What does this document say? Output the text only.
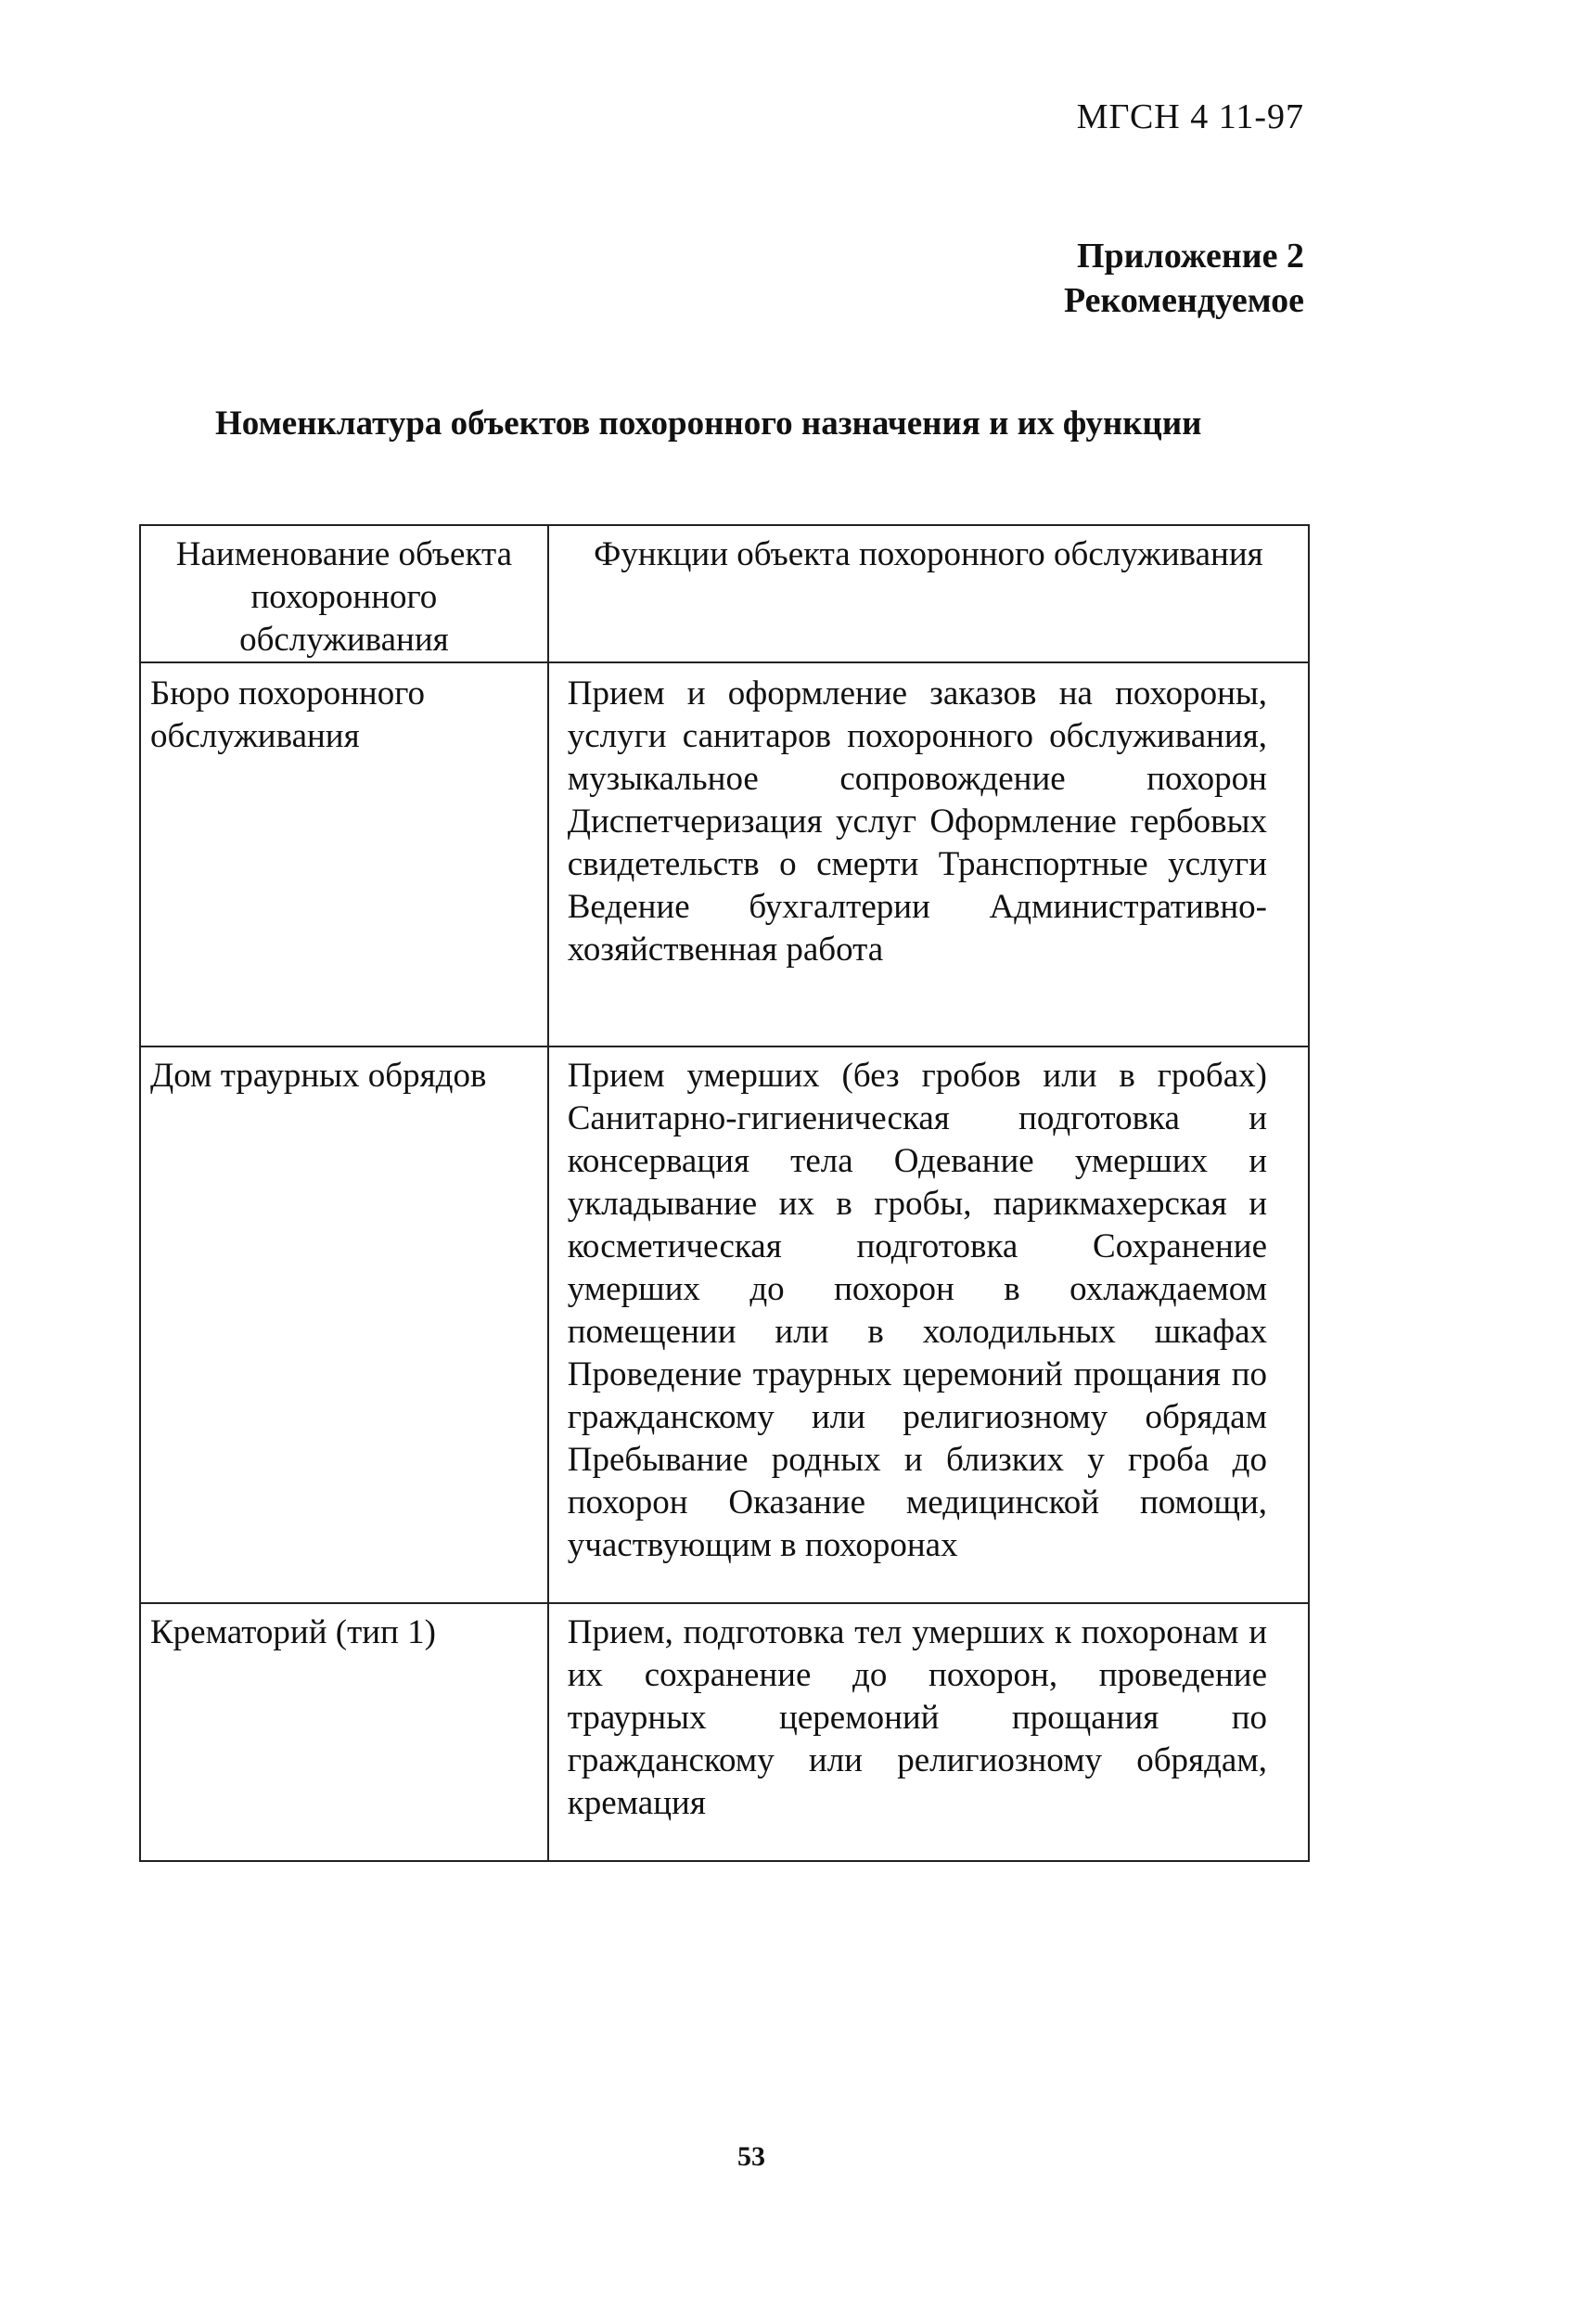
МГСН 4 11-97
Приложение 2
Рекомендуемое
Номенклатура объектов похоронного назначения и их функции
Наименование объекта похоронного обслуживания	Функции объекта похоронного обслуживания
Бюро похоронного обслуживания	Прием и оформление заказов на похороны, услуги санитаров похоронного обслуживания, музыкальное сопровождение похорон Диспетчеризация услуг Оформление гербовых свидетельств о смерти Транспортные услуги Ведение бухгалтерии Административно-хозяйственная работа
Дом траурных обрядов	Прием умерших (без гробов или в гробах) Санитарно-гигиеническая подготовка и консервация тела Одевание умерших и укладывание их в гробы, парикмахерская и косметическая подготовка Сохранение умерших до похорон в охлаждаемом помещении или в холодильных шкафах Проведение траурных церемоний прощания по гражданскому или религиозному обрядам Пребывание родных и близких у гроба до похорон Оказание медицинской помощи, участвующим в похоронах
Крематорий (тип 1)	Прием, подготовка тел умерших к похоронам и их сохранение до похорон, проведение траурных церемоний прощания по гражданскому или религиозному обрядам, кремация
53
